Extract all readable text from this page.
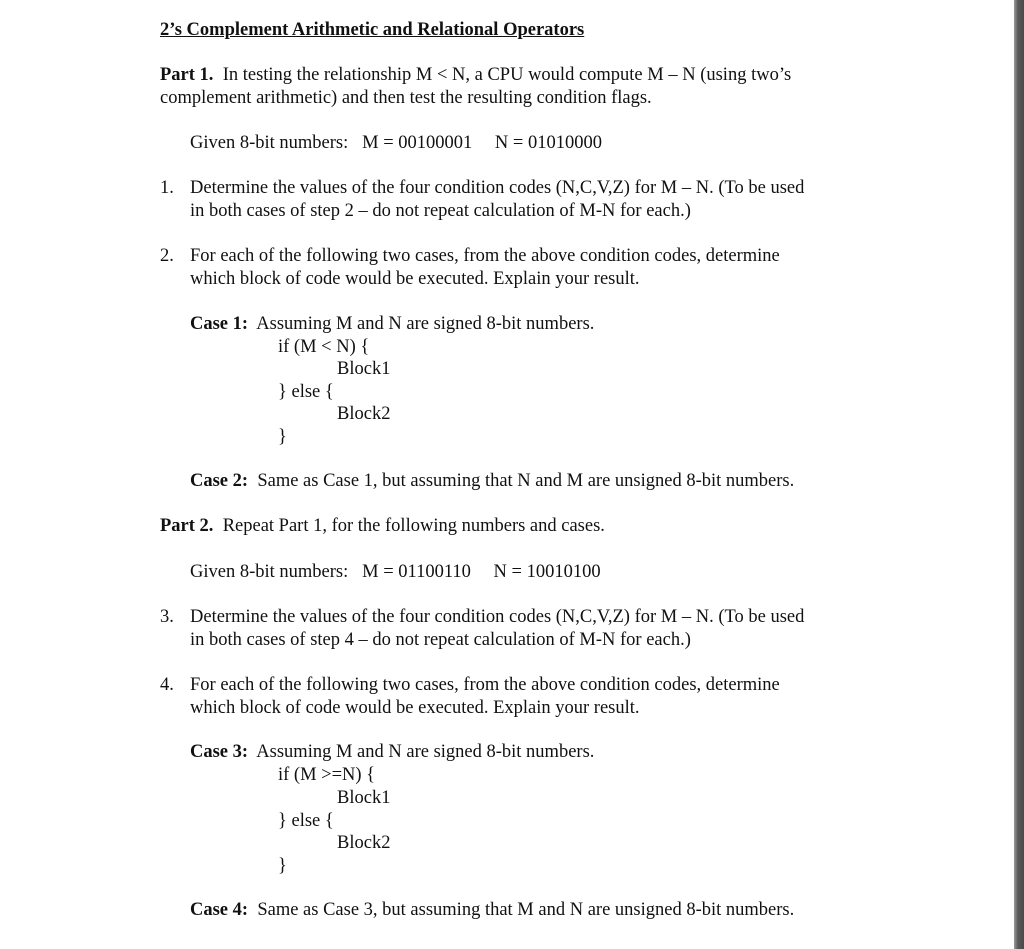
2’s Complement Arithmetic and Relational Operators
Part 1. In testing the relationship M < N, a CPU would compute M – N (using two’s
complement arithmetic) and then test the resulting condition flags.
Given 8-bit numbers: M = 00100001 N = 01010000
1. Determine the values of the four condition codes (N,C,V,Z) for M – N. (To be used
in both cases of step 2 – do not repeat calculation of M-N for each.)
2. For each of the following two cases, from the above condition codes, determine
which block of code would be executed. Explain your result.
Case 1: Assuming M and N are signed 8-bit numbers.
if (M < N) {
Block1
} else {
Block2
}
Case 2: Same as Case 1, but assuming that N and M are unsigned 8-bit numbers.
Part 2. Repeat Part 1, for the following numbers and cases.
Given 8-bit numbers: M = 01100110 N = 10010100
3. Determine the values of the four condition codes (N,C,V,Z) for M – N. (To be used
in both cases of step 4 – do not repeat calculation of M-N for each.)
4. For each of the following two cases, from the above condition codes, determine
which block of code would be executed. Explain your result.
Case 3: Assuming M and N are signed 8-bit numbers.
if (M >=N) {
Block1
} else {
Block2
}
Case 4: Same as Case 3, but assuming that M and N are unsigned 8-bit numbers.
